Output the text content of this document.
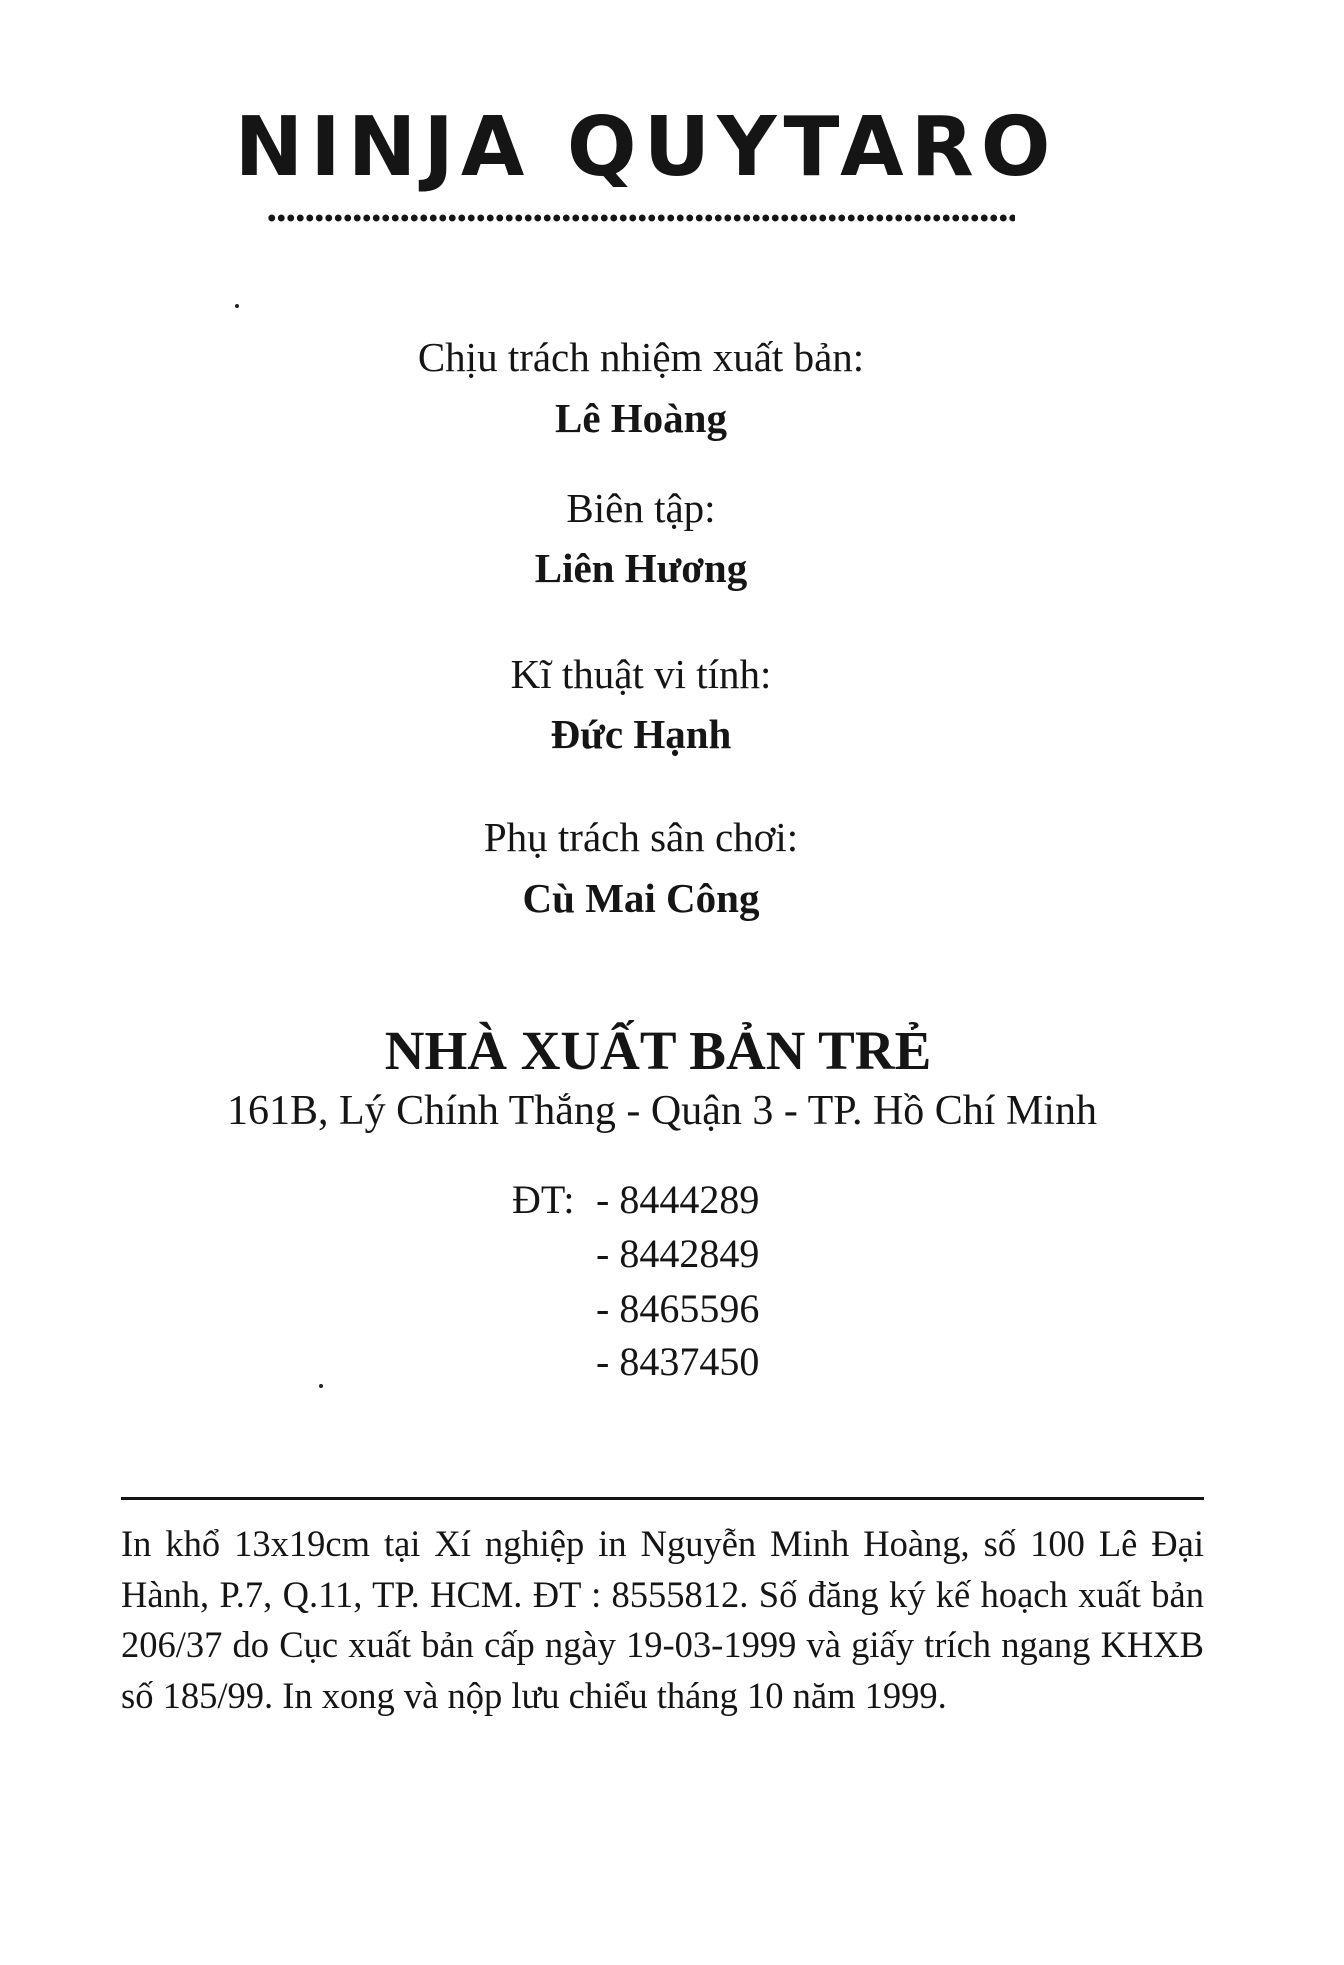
NINJA QUYTARO
Chịu trách nhiệm xuất bản:
Lê Hoàng
Biên tập:
Liên Hương
Kĩ thuật vi tính:
Đức Hạnh
Phụ trách sân chơi:
Cù Mai Công
NHÀ XUẤT BẢN TRẺ
161B, Lý Chính Thắng - Quận 3 - TP. Hồ Chí Minh
ĐT: - 8444289
- 8442849
- 8465596
- 8437450
In khổ 13x19cm tại Xí nghiệp in Nguyễn Minh Hoàng, số 100 Lê Đại Hành, P.7, Q.11, TP. HCM. ĐT : 8555812. Số đăng ký kế hoạch xuất bản 206/37 do Cục xuất bản cấp ngày 19-03-1999 và giấy trích ngang KHXB số 185/99. In xong và nộp lưu chiểu tháng 10 năm 1999.
